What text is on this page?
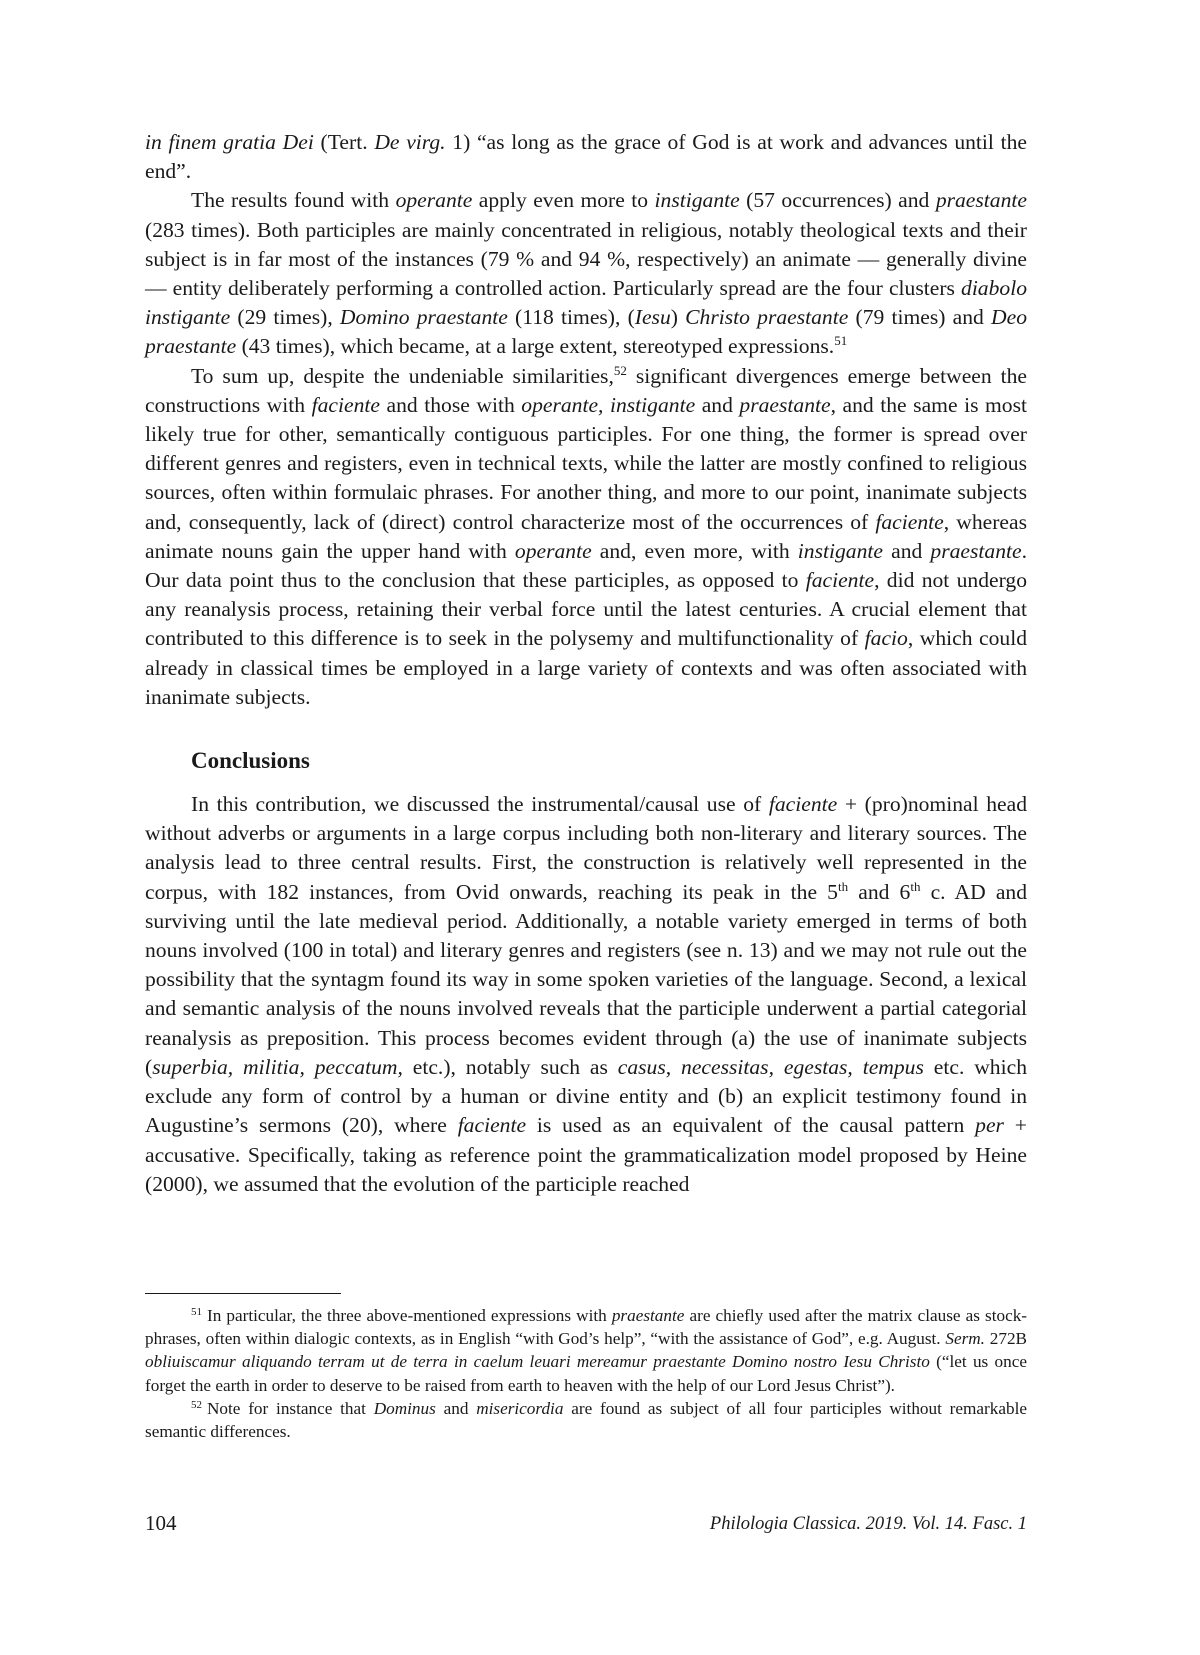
in finem gratia Dei (Tert. De virg. 1) “as long as the grace of God is at work and advances until the end”.

The results found with operante apply even more to instigante (57 occurrences) and praestante (283 times). Both participles are mainly concentrated in religious, notably theological texts and their subject is in far most of the instances (79 % and 94 %, respectively) an animate — generally divine — entity deliberately performing a controlled action. Particularly spread are the four clusters diabolo instigante (29 times), Domino praestante (118 times), (Iesu) Christo praestante (79 times) and Deo praestante (43 times), which became, at a large extent, stereotyped expressions.$^{51}$

To sum up, despite the undeniable similarities,$^{52}$ significant divergences emerge between the constructions with faciente and those with operante, instigante and praestante, and the same is most likely true for other, semantically contiguous participles. For one thing, the former is spread over different genres and registers, even in technical texts, while the latter are mostly confined to religious sources, often within formulaic phrases. For another thing, and more to our point, inanimate subjects and, consequently, lack of (direct) control characterize most of the occurrences of faciente, whereas animate nouns gain the upper hand with operante and, even more, with instigante and praestante. Our data point thus to the conclusion that these participles, as opposed to faciente, did not undergo any reanalysis process, retaining their verbal force until the latest centuries. A crucial element that contributed to this difference is to seek in the polysemy and multifunctionality of facio, which could already in classical times be employed in a large variety of contexts and was often associated with inanimate subjects.

Conclusions

In this contribution, we discussed the instrumental/causal use of faciente + (pro)nominal head without adverbs or arguments in a large corpus including both non-literary and literary sources. The analysis lead to three central results. First, the construction is relatively well represented in the corpus, with 182 instances, from Ovid onwards, reaching its peak in the 5th and 6th c. AD and surviving until the late medieval period. Additionally, a notable variety emerged in terms of both nouns involved (100 in total) and literary genres and registers (see n. 13) and we may not rule out the possibility that the syntagm found its way in some spoken varieties of the language. Second, a lexical and semantic analysis of the nouns involved reveals that the participle underwent a partial categorial reanalysis as preposition. This process becomes evident through (a) the use of inanimate subjects (superbia, militia, peccatum, etc.), notably such as casus, necessitas, egestas, tempus etc. which exclude any form of control by a human or divine entity and (b) an explicit testimony found in Augustine’s sermons (20), where faciente is used as an equivalent of the causal pattern per + accusative. Specifically, taking as reference point the grammaticalization model proposed by Heine (2000), we assumed that the evolution of the participle reached

$^{51}$ In particular, the three above-mentioned expressions with praestante are chiefly used after the matrix clause as stock-phrases, often within dialogic contexts, as in English “with God’s help”, “with the assistance of God”, e.g. August. Serm. 272B obliuiscamur aliquando terram ut de terra in caelum leuari mereamur praestante Domino nostro Iesu Christo (“let us once forget the earth in order to deserve to be raised from earth to heaven with the help of our Lord Jesus Christ”).

$^{52}$ Note for instance that Dominus and misericordia are found as subject of all four participles without remarkable semantic differences.

104	Philologia Classica. 2019. Vol. 14. Fasc. 1
